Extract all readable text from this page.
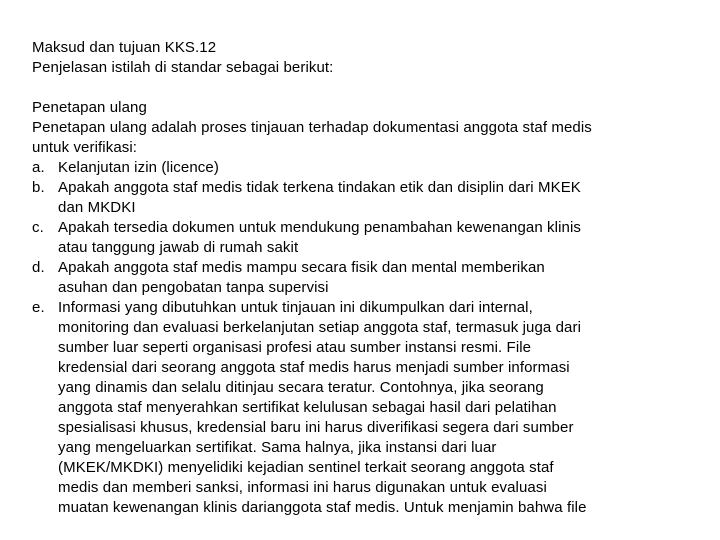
Maksud dan tujuan KKS.12
Penjelasan istilah di standar sebagai berikut:
Penetapan ulang
Penetapan ulang adalah proses tinjauan terhadap dokumentasi anggota staf medis
untuk verifikasi:
a. Kelanjutan izin (licence)
b. Apakah anggota staf medis tidak terkena tindakan etik dan disiplin dari MKEK
dan MKDKI
c. Apakah tersedia dokumen untuk mendukung penambahan kewenangan klinis
atau tanggung jawab di rumah sakit
d. Apakah anggota staf medis mampu secara fisik dan mental memberikan
asuhan dan pengobatan tanpa supervisi
e. Informasi yang dibutuhkan untuk tinjauan ini dikumpulkan dari internal,
monitoring dan evaluasi berkelanjutan setiap anggota staf, termasuk juga dari
sumber luar seperti organisasi profesi atau sumber instansi resmi. File
kredensial dari seorang anggota staf medis harus menjadi sumber informasi
yang dinamis dan selalu ditinjau secara teratur. Contohnya, jika seorang
anggota staf menyerahkan sertifikat kelulusan sebagai hasil dari pelatihan
spesialisasi khusus, kredensial baru ini harus diverifikasi segera dari sumber
yang mengeluarkan sertifikat. Sama halnya, jika instansi dari luar
(MKEK/MKDKI) menyelidiki kejadian sentinel terkait seorang anggota staf
medis dan memberi sanksi, informasi ini harus digunakan untuk evaluasi
muatan kewenangan klinis darianggota staf medis. Untuk menjamin bahwa file
